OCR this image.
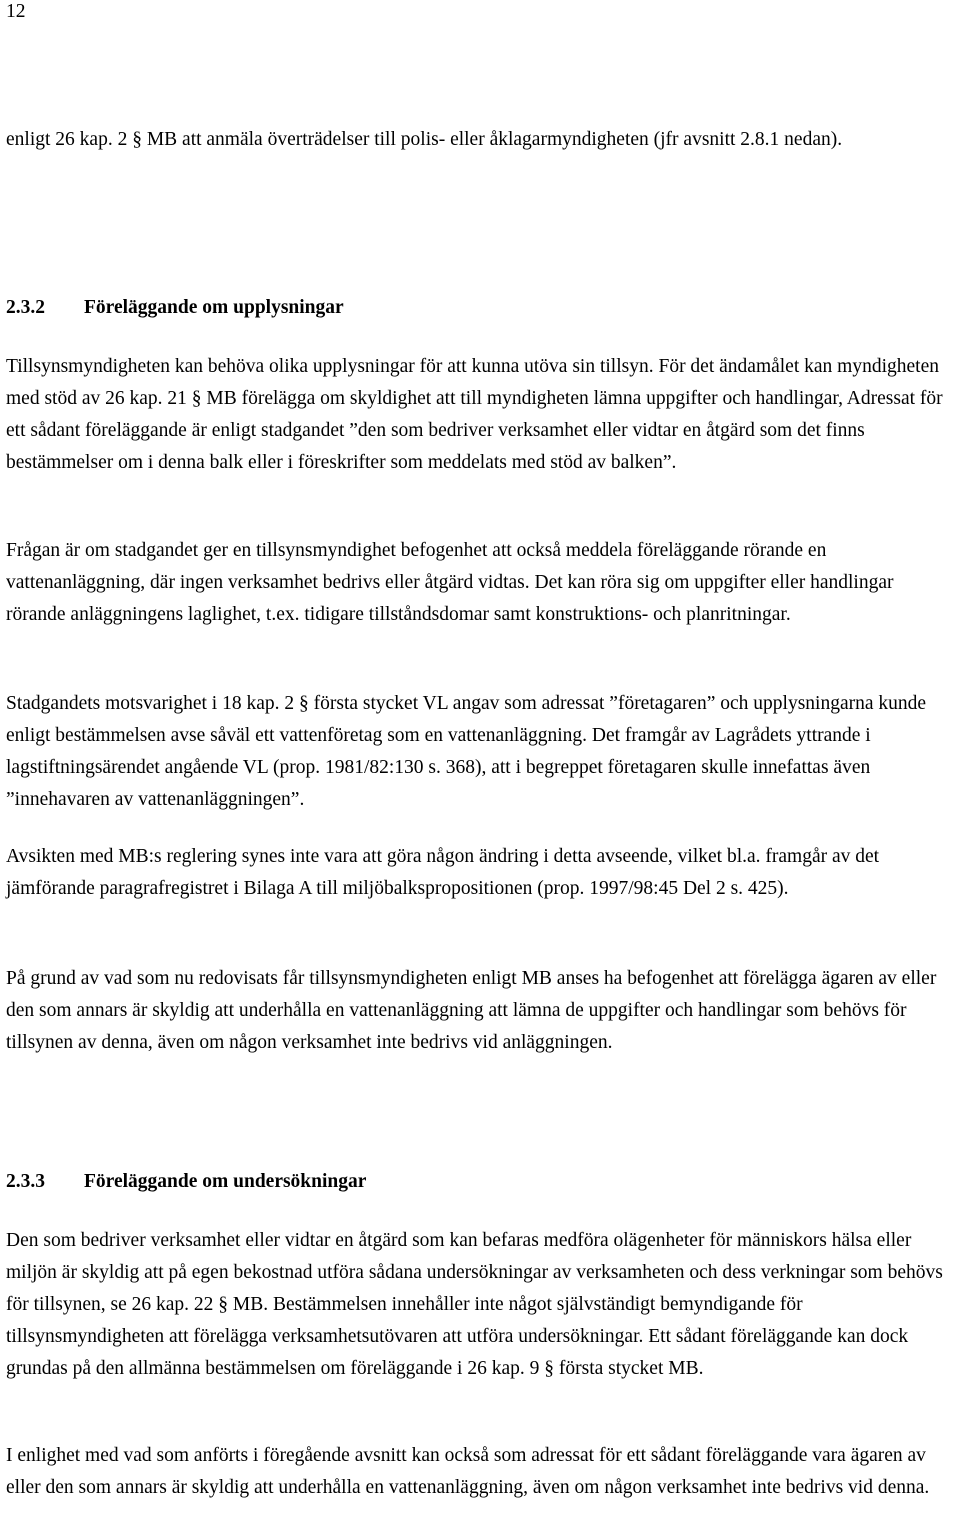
12

enligt 26 kap. 2 § MB att anmäla överträdelser till polis- eller åklagarmyndigheten (jfr avsnitt 2.8.1 nedan).

2.3.2 Föreläggande om upplysningar

Tillsynsmyndigheten kan behöva olika upplysningar för att kunna utöva sin tillsyn. För det ändamålet kan myndigheten med stöd av 26 kap. 21 § MB förelägga om skyldighet att till myndigheten lämna uppgifter och handlingar, Adressat för ett sådant föreläggande är enligt stadgandet ”den som bedriver verksamhet eller vidtar en åtgärd som det finns bestämmelser om i denna balk eller i föreskrifter som meddelats med stöd av balken”.

Frågan är om stadgandet ger en tillsynsmyndighet befogenhet att också meddela föreläggande rörande en vattenanläggning, där ingen verksamhet bedrivs eller åtgärd vidtas. Det kan röra sig om uppgifter eller handlingar rörande anläggningens laglighet, t.ex. tidigare tillståndsdomar samt konstruktions- och planritningar.

Stadgandets motsvarighet i 18 kap. 2 § första stycket VL angav som adressat ”företagaren” och upplysningarna kunde enligt bestämmelsen avse såväl ett vattenföretag som en vattenanläggning. Det framgår av Lagrådets yttrande i lagstiftningsärendet angående VL (prop. 1981/82:130 s. 368), att i begreppet företagaren skulle innefattas även ”innehavaren av vattenanläggningen”.

Avsikten med MB:s reglering synes inte vara att göra någon ändring i detta avseende, vilket bl.a. framgår av det jämförande paragrafregistret i Bilaga A till miljöbalkspropositionen (prop. 1997/98:45 Del 2 s. 425).

På grund av vad som nu redovisats får tillsynsmyndigheten enligt MB anses ha befogenhet att förelägga ägaren av eller den som annars är skyldig att underhålla en vattenanläggning att lämna de uppgifter och handlingar som behövs för tillsynen av denna, även om någon verksamhet inte bedrivs vid anläggningen.

2.3.3 Föreläggande om undersökningar

Den som bedriver verksamhet eller vidtar en åtgärd som kan befaras medföra olägenheter för människors hälsa eller miljön är skyldig att på egen bekostnad utföra sådana undersökningar av verksamheten och dess verkningar som behövs för tillsynen, se 26 kap. 22 § MB. Bestämmelsen innehåller inte något självständigt bemyndigande för tillsynsmyndigheten att förelägga verksamhetsutövaren att utföra undersökningar. Ett sådant föreläggande kan dock grundas på den allmänna bestämmelsen om föreläggande i 26 kap. 9 § första stycket MB.

I enlighet med vad som anförts i föregående avsnitt kan också som adressat för ett sådant föreläggande vara ägaren av eller den som annars är skyldig att underhålla en vattenanläggning, även om någon verksamhet inte bedrivs vid denna.
